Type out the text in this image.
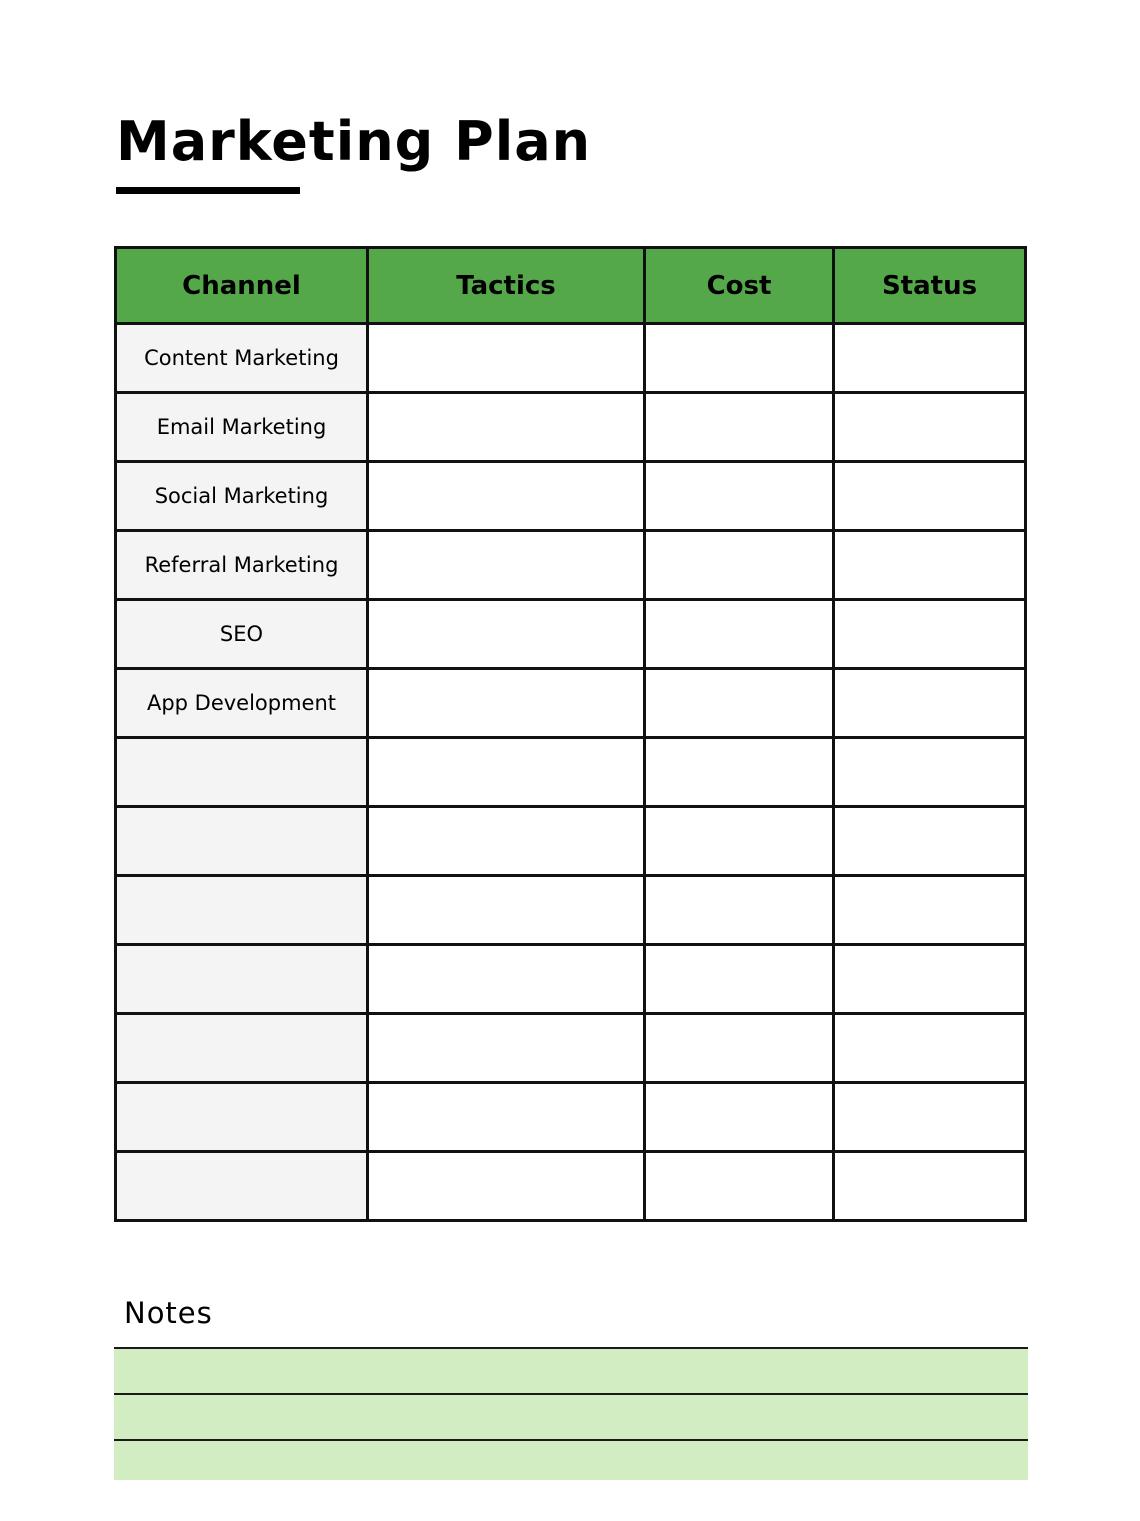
Marketing Plan
Channel	Tactics	Cost	Status
Content Marketing			
Email Marketing			
Social Marketing			
Referral Marketing			
SEO			
App Development			

Notes
